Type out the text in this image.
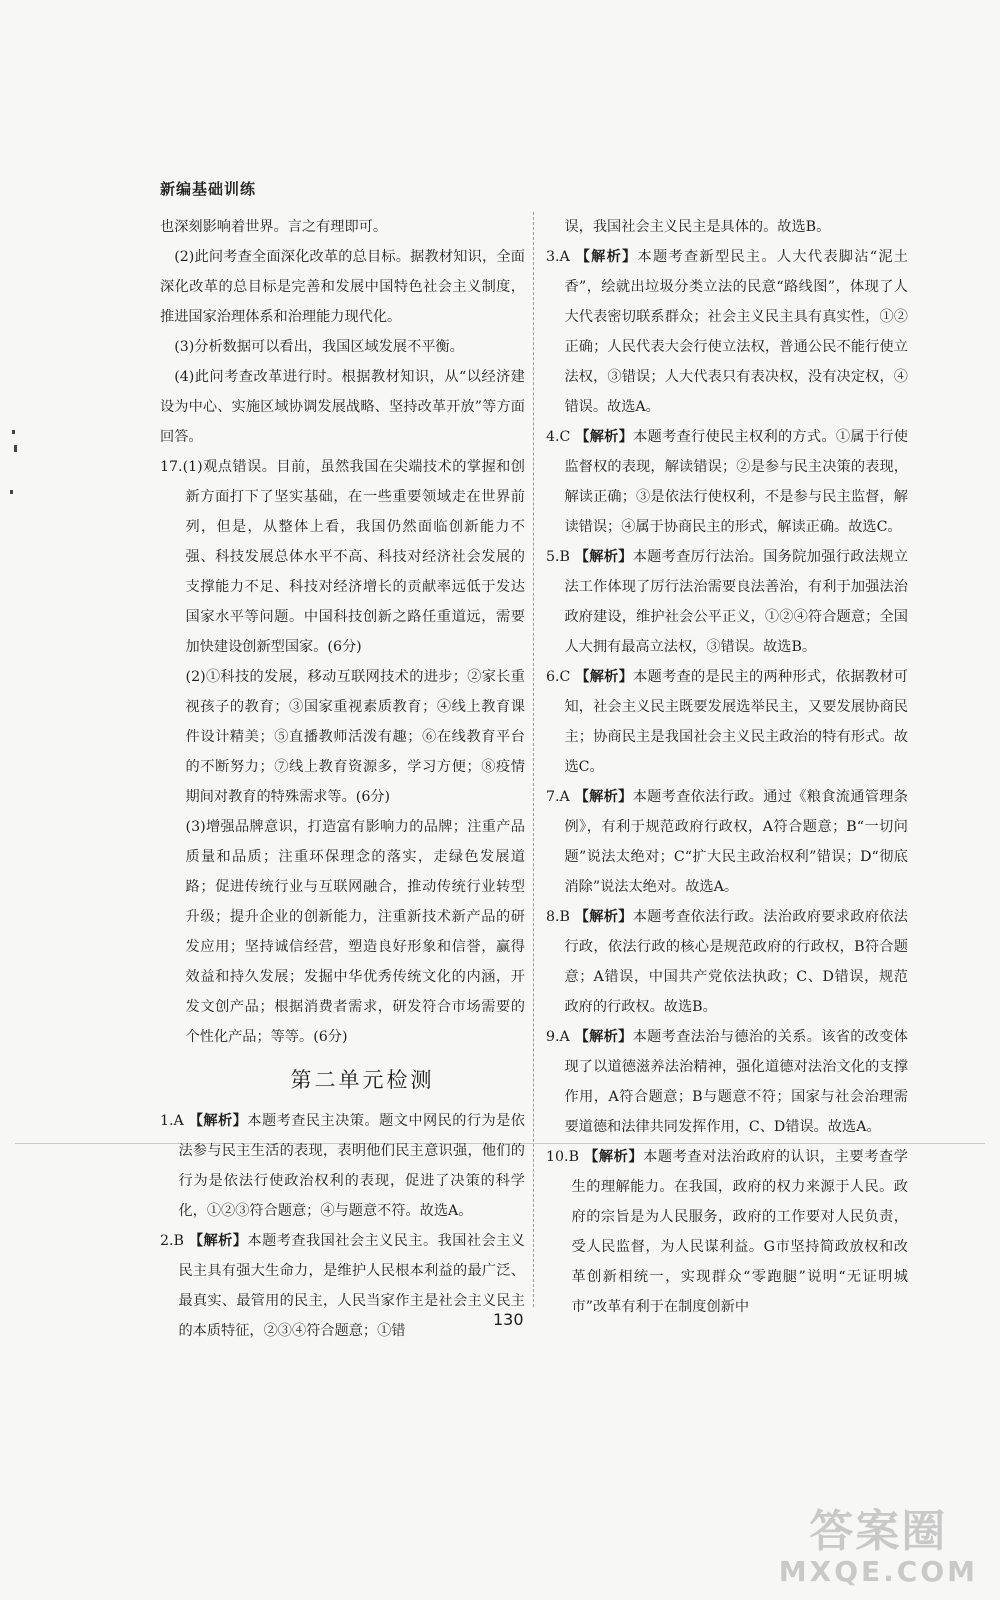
新编基础训练

也深刻影响着世界。言之有理即可。

(2)此问考查全面深化改革的总目标。据教材知识，全面深化改革的总目标是完善和发展中国特色社会主义制度，推进国家治理体系和治理能力现代化。

(3)分析数据可以看出，我国区域发展不平衡。

(4)此问考查改革进行时。根据教材知识，从“以经济建设为中心、实施区域协调发展战略、坚持改革开放”等方面回答。

17.(1)观点错误。目前，虽然我国在尖端技术的掌握和创新方面打下了坚实基础，在一些重要领域走在世界前列，但是，从整体上看，我国仍然面临创新能力不强、科技发展总体水平不高、科技对经济社会发展的支撑能力不足、科技对经济增长的贡献率远低于发达国家水平等问题。中国科技创新之路任重道远，需要加快建设创新型国家。(6分)

(2)①科技的发展，移动互联网技术的进步；②家长重视孩子的教育；③国家重视素质教育；④线上教育课件设计精美；⑤直播教师活泼有趣；⑥在线教育平台的不断努力；⑦线上教育资源多，学习方便；⑧疫情期间对教育的特殊需求等。(6分)

(3)增强品牌意识，打造富有影响力的品牌；注重产品质量和品质；注重环保理念的落实，走绿色发展道路；促进传统行业与互联网融合，推动传统行业转型升级；提升企业的创新能力，注重新技术新产品的研发应用；坚持诚信经营，塑造良好形象和信誉，赢得效益和持久发展；发掘中华优秀传统文化的内涵，开发文创产品；根据消费者需求，研发符合市场需要的个性化产品；等等。(6分)

第二单元检测

1.A 【解析】本题考查民主决策。题文中网民的行为是依法参与民主生活的表现，表明他们民主意识强，他们的行为是依法行使政治权利的表现，促进了决策的科学化，①②③符合题意；④与题意不符。故选A。

2.B 【解析】本题考查我国社会主义民主。我国社会主义民主具有强大生命力，是维护人民根本利益的最广泛、最真实、最管用的民主，人民当家作主是社会主义民主的本质特征，②③④符合题意；①错

误，我国社会主义民主是具体的。故选B。

3.A 【解析】本题考查新型民主。人大代表脚沾“泥土香”，绘就出垃圾分类立法的民意“路线图”，体现了人大代表密切联系群众；社会主义民主具有真实性，①②正确；人民代表大会行使立法权，普通公民不能行使立法权，③错误；人大代表只有表决权，没有决定权，④错误。故选A。

4.C 【解析】本题考查行使民主权利的方式。①属于行使监督权的表现，解读错误；②是参与民主决策的表现，解读正确；③是依法行使权利，不是参与民主监督，解读错误；④属于协商民主的形式，解读正确。故选C。

5.B 【解析】本题考查厉行法治。国务院加强行政法规立法工作体现了厉行法治需要良法善治，有利于加强法治政府建设，维护社会公平正义，①②④符合题意；全国人大拥有最高立法权，③错误。故选B。

6.C 【解析】本题考查的是民主的两种形式，依据教材可知，社会主义民主既要发展选举民主，又要发展协商民主；协商民主是我国社会主义民主政治的特有形式。故选C。

7.A 【解析】本题考查依法行政。通过《粮食流通管理条例》，有利于规范政府行政权，A符合题意；B“一切问题”说法太绝对；C“扩大民主政治权利”错误；D“彻底消除”说法太绝对。故选A。

8.B 【解析】本题考查依法行政。法治政府要求政府依法行政，依法行政的核心是规范政府的行政权，B符合题意；A错误，中国共产党依法执政；C、D错误，规范政府的行政权。故选B。

9.A 【解析】本题考查法治与德治的关系。该省的改变体现了以道德滋养法治精神，强化道德对法治文化的支撑作用，A符合题意；B与题意不符；国家与社会治理需要道德和法律共同发挥作用，C、D错误。故选A。

10.B 【解析】本题考查对法治政府的认识，主要考查学生的理解能力。在我国，政府的权力来源于人民。政府的宗旨是为人民服务，政府的工作要对人民负责，受人民监督，为人民谋利益。G市坚持简政放权和改革创新相统一，实现群众“零跑腿”说明“无证明城市”改革有利于在制度创新中

130
答案圈
MXQE.COM
